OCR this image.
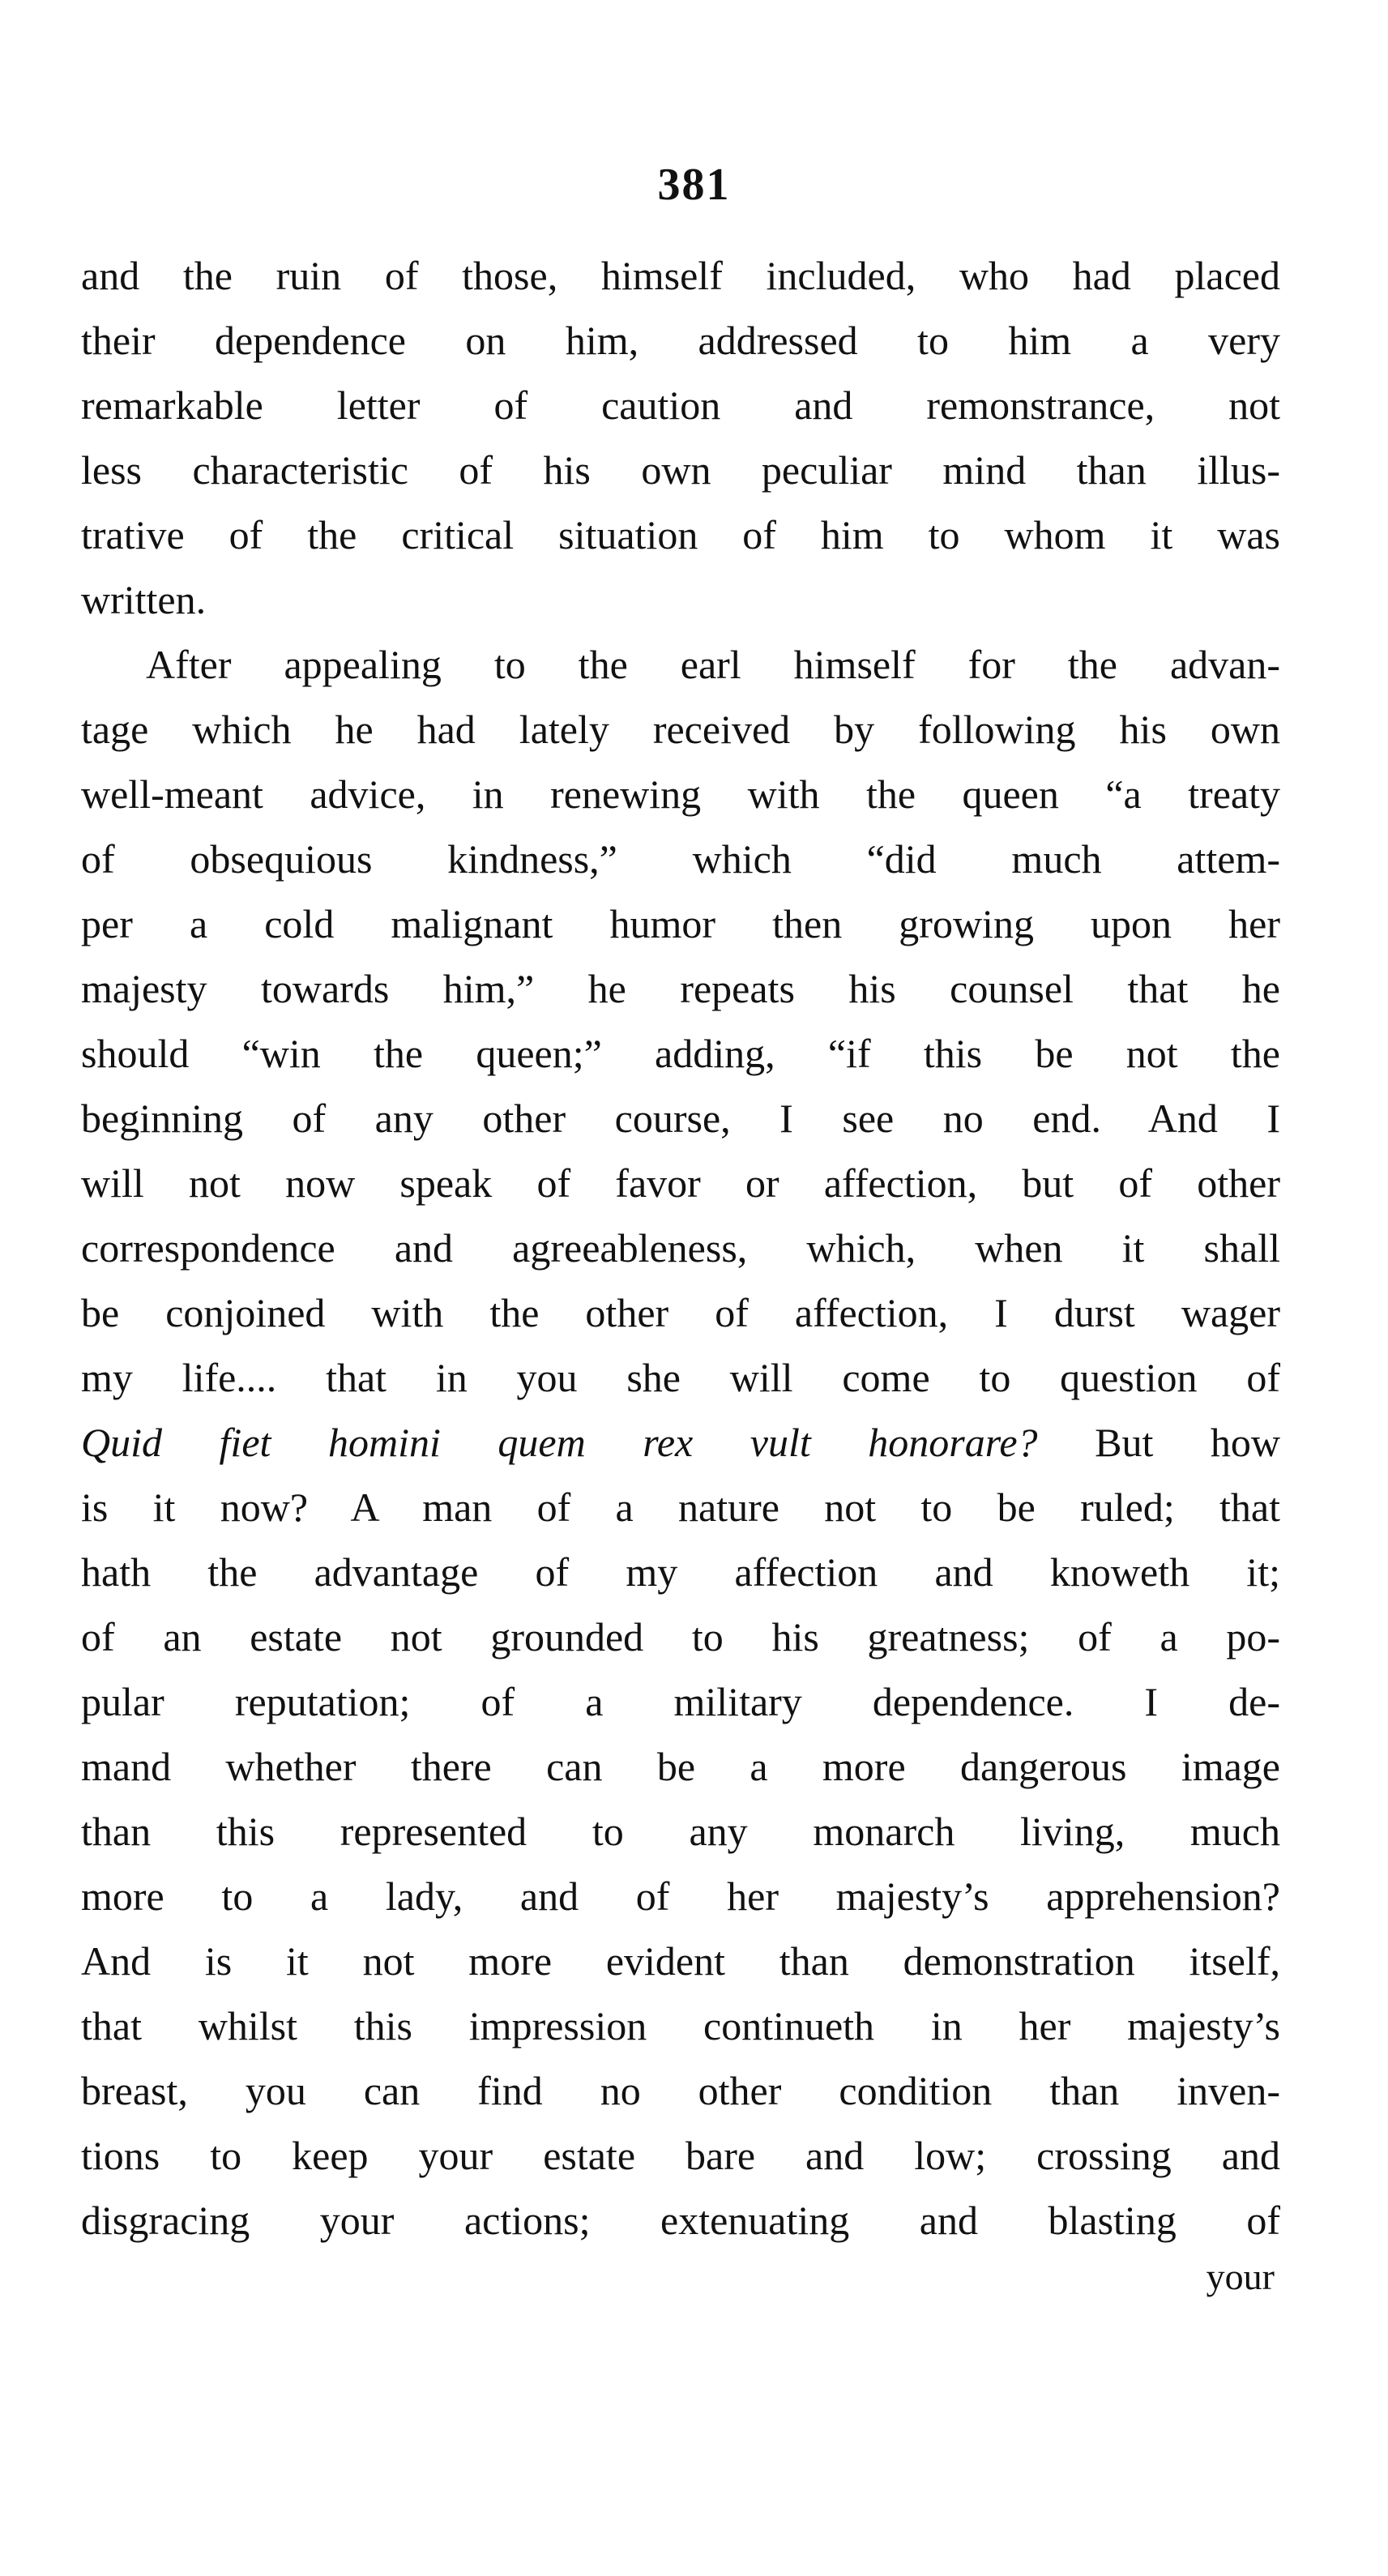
381
and the ruin of those, himself included, who had placed
their dependence on him, addressed to him a very
remarkable letter of caution and remonstrance, not
less characteristic of his own peculiar mind than illus-
trative of the critical situation of him to whom it was
written.
After appealing to the earl himself for the advan-
tage which he had lately received by following his own
well-meant advice, in renewing with the queen “a treaty
of obsequious kindness,” which “did much attem-
per a cold malignant humor then growing upon her
majesty towards him,” he repeats his counsel that he
should “win the queen;” adding, “if this be not the
beginning of any other course, I see no end. And I
will not now speak of favor or affection, but of other
correspondence and agreeableness, which, when it shall
be conjoined with the other of affection, I durst wager
my life.... that in you she will come to question of
Quid fiet homini quem rex vult honorare? But how
is it now? A man of a nature not to be ruled; that
hath the advantage of my affection and knoweth it;
of an estate not grounded to his greatness; of a po-
pular reputation; of a military dependence. I de-
mand whether there can be a more dangerous image
than this represented to any monarch living, much
more to a lady, and of her majesty’s apprehension?
And is it not more evident than demonstration itself,
that whilst this impression continueth in her majesty’s
breast, you can find no other condition than inven-
tions to keep your estate bare and low; crossing and
disgracing your actions; extenuating and blasting of
your
